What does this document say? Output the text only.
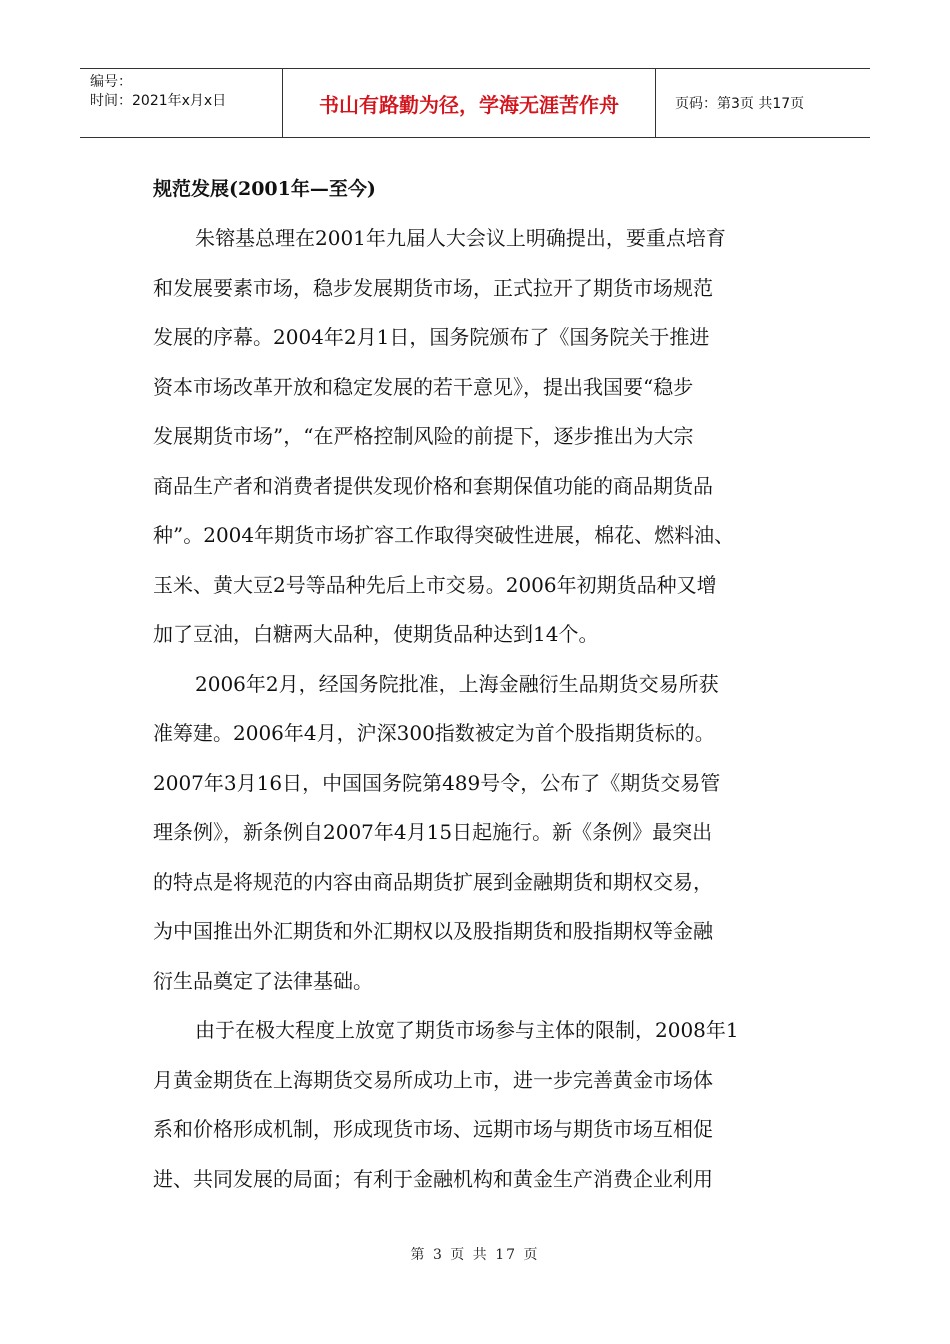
编号：
时间：2021年x月x日	书山有路勤为径，学海无涯苦作舟	页码：第3页 共17页
规范发展(2001年—至今)

朱镕基总理在2001年九届人大会议上明确提出，要重点培育
和发展要素市场，稳步发展期货市场，正式拉开了期货市场规范
发展的序幕。2004年2月1日，国务院颁布了《国务院关于推进
资本市场改革开放和稳定发展的若干意见》，提出我国要“稳步
发展期货市场”，“在严格控制风险的前提下，逐步推出为大宗
商品生产者和消费者提供发现价格和套期保值功能的商品期货品
种”。2004年期货市场扩容工作取得突破性进展，棉花、燃料油、
玉米、黄大豆2号等品种先后上市交易。2006年初期货品种又增
加了豆油，白糖两大品种，使期货品种达到14个。

2006年2月，经国务院批准，上海金融衍生品期货交易所获
准筹建。2006年4月，沪深300指数被定为首个股指期货标的。
2007年3月16日，中国国务院第489号令，公布了《期货交易管
理条例》，新条例自2007年4月15日起施行。新《条例》最突出
的特点是将规范的内容由商品期货扩展到金融期货和期权交易，
为中国推出外汇期货和外汇期权以及股指期货和股指期权等金融
衍生品奠定了法律基础。

由于在极大程度上放宽了期货市场参与主体的限制，2008年1
月黄金期货在上海期货交易所成功上市，进一步完善黄金市场体
系和价格形成机制，形成现货市场、远期市场与期货市场互相促
进、共同发展的局面；有利于金融机构和黄金生产消费企业利用

第 3 页 共 17 页
